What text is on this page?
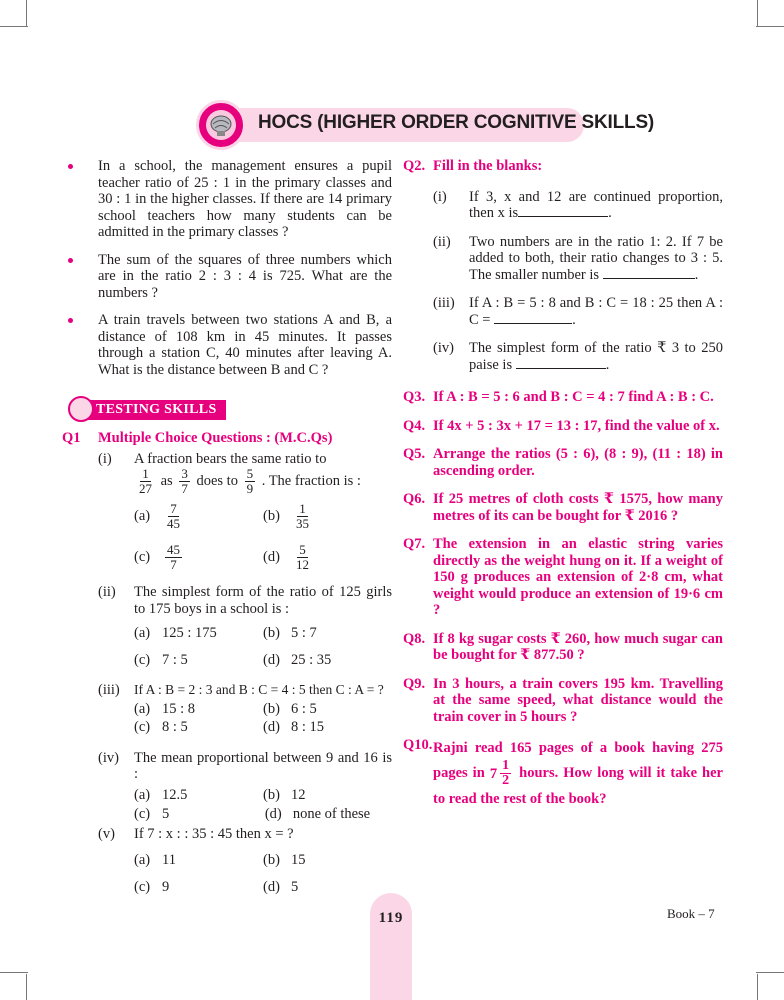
HOCS (HIGHER ORDER COGNITIVE SKILLS)
In a school, the management ensures a pupil teacher ratio of 25 : 1 in the primary classes and 30 : 1 in the higher classes. If there are 14 primary school teachers how many students can be admitted in the primary classes ?
The sum of the squares of three numbers which are in the ratio 2 : 3 : 4 is 725. What are the numbers ?
A train travels between two stations A and B, a distance of 108 km in 45 minutes. It passes through a station C, 40 minutes after leaving A. What is the distance between B and C ?
TESTING SKILLS
Q1	Multiple Choice Questions : (M.C.Qs)
(i)	A fraction bears the same ratio to

$\frac{1}{27}$ as $\frac{3}{7}$ does to $\frac{5}{9}$ . The fraction is :
(a)	$\frac{7}{45}$	(b)	$\frac{1}{35}$
(c)	$\frac{45}{7}$	(d)	$\frac{5}{12}$
(ii)	The simplest form of the ratio of 125 girls to 175 boys in a school is :
(a) 125 : 175	(b) 5 : 7
(c) 7 : 5	(d) 25 : 35
(iii)	If A : B = 2 : 3 and B : C = 4 : 5 then C : A = ?
(a) 15 : 8	(b) 6 : 5
(c) 8 : 5	(d) 8 : 15
(iv)	The mean proportional between 9 and 16 is :
(a) 12.5	(b) 12
(c) 5	(d) none of these
(v)	If 7 : x : : 35 : 45 then x = ?
(a) 11	(b) 15
(c) 9	(d) 5
Q2. Fill in the blanks:
(i)	If 3, x and 12 are continued proportion, then x is	.
(ii)	Two numbers are in the ratio 1: 2. If 7 be added to both, their ratio changes to 3 : 5. The smaller number is	.
(iii) If A : B = 5 : 8 and B : C = 18 : 25 then A : C =	.
(iv)	The simplest form of the ratio ₹ 3 to 250 paise is	.
Q3. If A : B = 5 : 6 and B : C = 4 : 7 find A : B : C.
Q4. If 4x + 5 : 3x + 17 = 13 : 17, find the value of x.
Q5. Arrange the ratios (5 : 6), (8 : 9), (11 : 18) in ascending order.
Q6. If 25 metres of cloth costs ₹ 1575, how many metres of its can be bought for ₹ 2016 ?
Q7. The extension in an elastic string varies directly as the weight hung on it. If a weight of 150 g produces an extension of 2·8 cm, what weight would produce an extension of 19·6 cm ?
Q8. If 8 kg sugar costs ₹ 260, how much sugar can be bought for ₹ 877.50 ?
Q9. In 3 hours, a train covers 195 km. Travelling at the same speed, what distance would the train cover in 5 hours ?
Q10. Rajni read 165 pages of a book having 275 pages in $7 \frac{1}{2}$ hours. How long will it take her to read the rest of the book?
119	Book – 7
